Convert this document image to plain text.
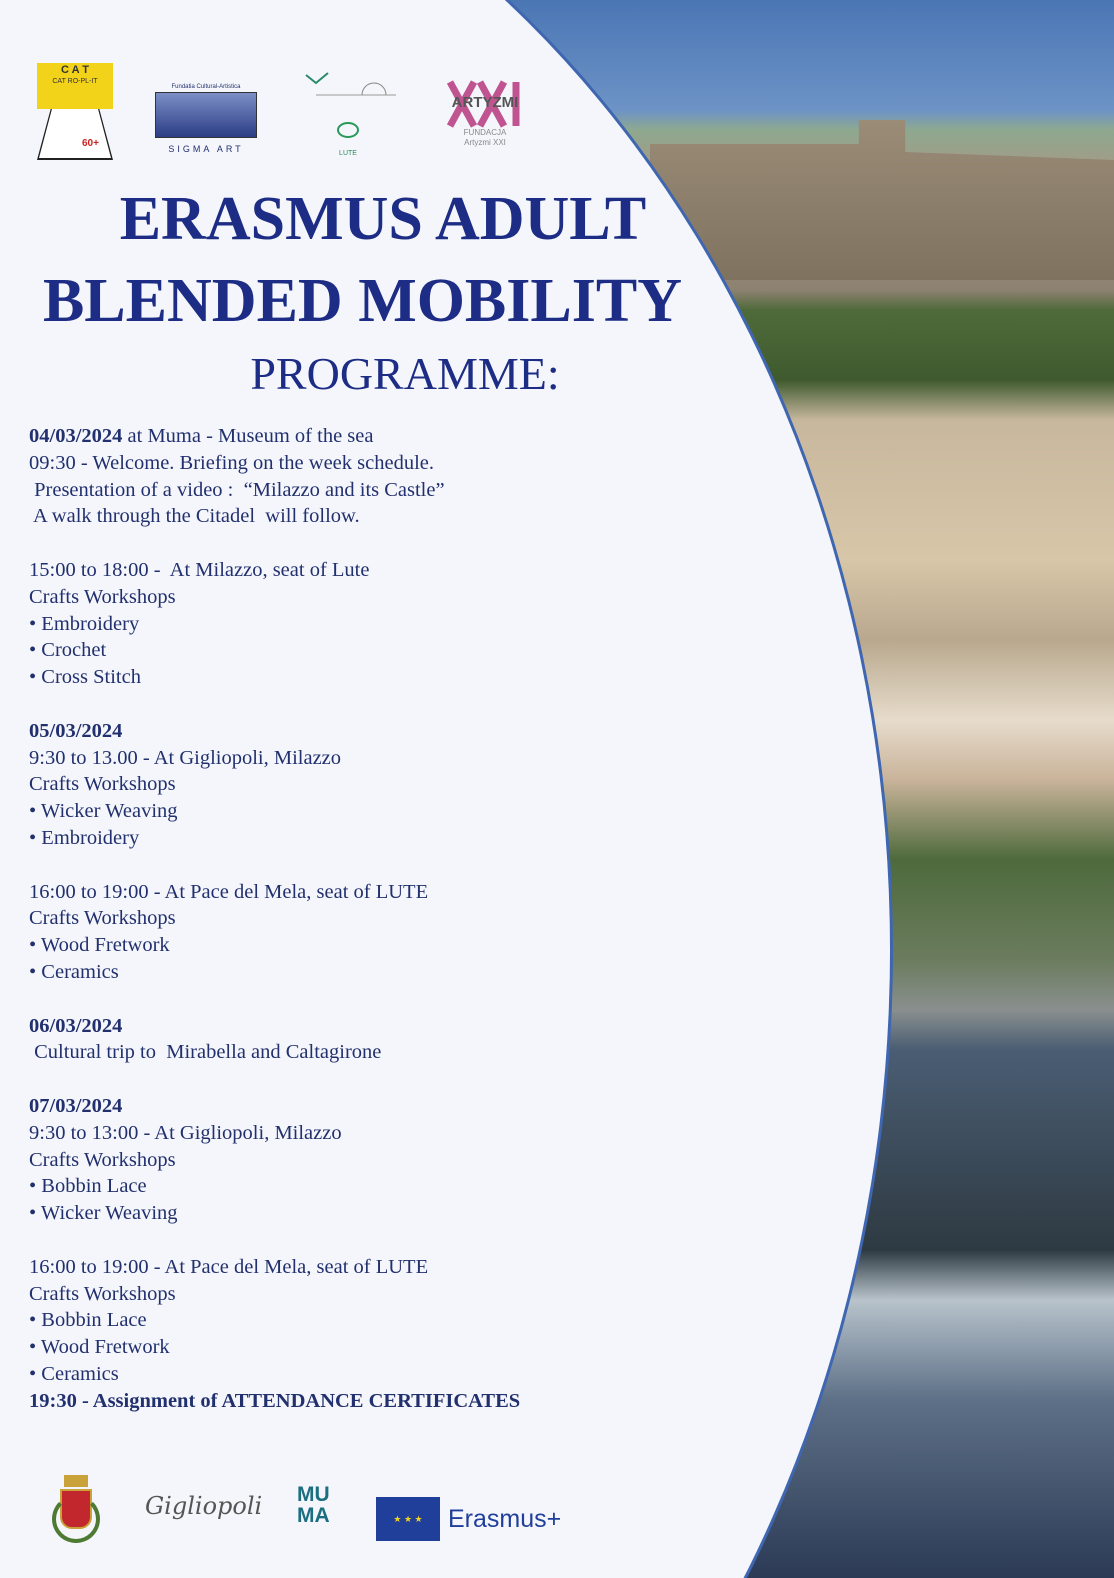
C A T
CAT RO-PL-IT
60+
Fundatia Cultural-Artistica
SIGMA ART	LUTE
ARTYZMI
FUNDACJA
Artyzmi XXI
ERASMUS ADULT
BLENDED MOBILITY
PROGRAMME:
04/03/2024 at Muma - Museum of the sea
09:30 - Welcome. Briefing on the week schedule.
Presentation of a video :  “Milazzo and its Castle”
A walk through the Citadel  will follow.
15:00 to 18:00 -  At Milazzo, seat of Lute
Crafts Workshops
• Embroidery
• Crochet
• Cross Stitch
05/03/2024
9:30 to 13.00 - At Gigliopoli, Milazzo
Crafts Workshops
• Wicker Weaving
• Embroidery
16:00 to 19:00 - At Pace del Mela, seat of LUTE
Crafts Workshops
• Wood Fretwork
• Ceramics
06/03/2024
Cultural trip to  Mirabella and Caltagirone
07/03/2024
9:30 to 13:00 - At Gigliopoli, Milazzo
Crafts Workshops
• Bobbin Lace
• Wicker Weaving
16:00 to 19:00 - At Pace del Mela, seat of LUTE
Crafts Workshops
• Bobbin Lace
• Wood Fretwork
• Ceramics
19:30 - Assignment of ATTENDANCE CERTIFICATES
Gigliopoli	MU
MA	★ ★ ★	Erasmus+
